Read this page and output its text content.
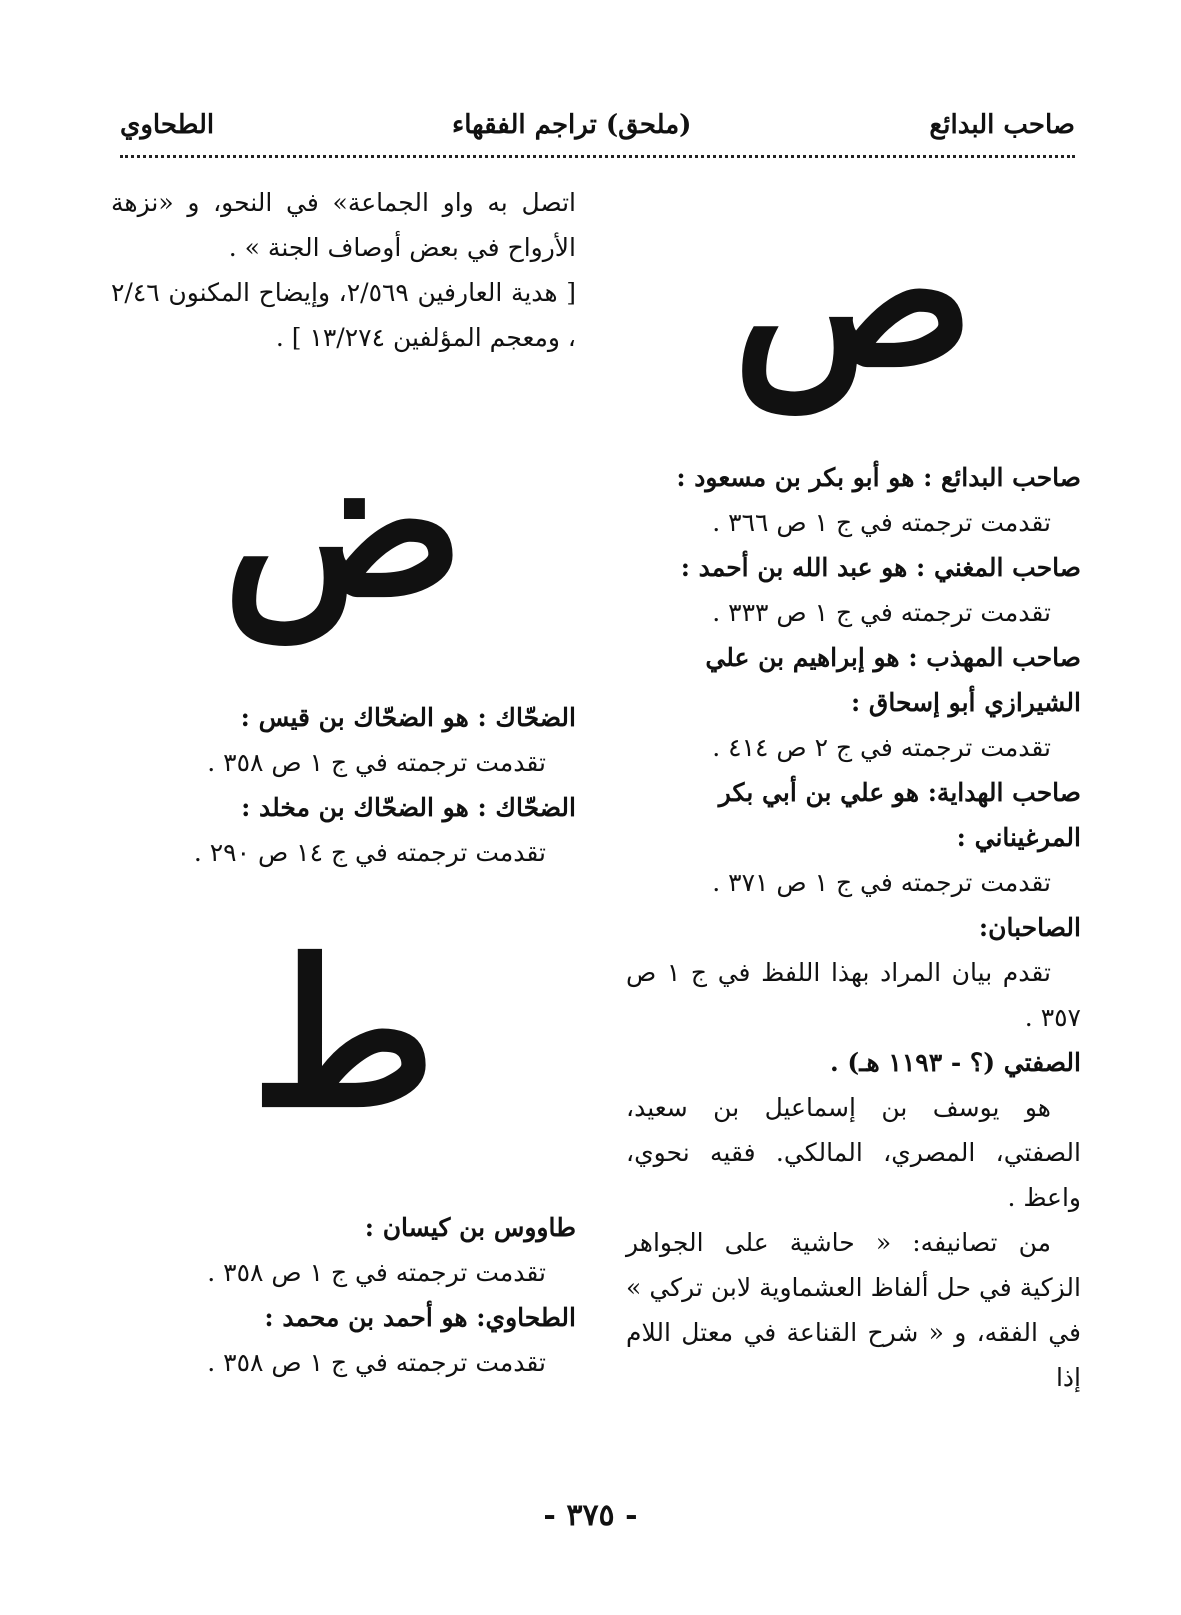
صاحب البدائع
(ملحق) تراجم الفقهاء
الطحاوي
ص
صاحب البدائع : هو أبو بكر بن مسعود :
تقدمت ترجمته في ج ١ ص ٣٦٦ .
صاحب المغني : هو عبد الله بن أحمد :
تقدمت ترجمته في ج ١ ص ٣٣٣ .
صاحب المهذب : هو إبراهيم بن علي الشيرازي أبو إسحاق :
تقدمت ترجمته في ج ٢ ص ٤١٤ .
صاحب الهداية: هو علي بن أبي بكر المرغيناني :
تقدمت ترجمته في ج ١ ص ٣٧١ .
الصاحبان:
تقدم بيان المراد بهذا اللفظ في ج ١ ص ٣٥٧ .
الصفتي (؟ - ١١٩٣ هـ) .
هو يوسف بن إسماعيل بن سعيد، الصفتي، المصري، المالكي. فقيه نحوي، واعظ .
من تصانيفه: « حاشية على الجواهر الزكية في حل ألفاظ العشماوية لابن تركي » في الفقه، و « شرح القناعة في معتل اللام إذا
اتصل به واو الجماعة» في النحو، و «نزهة الأرواح في بعض أوصاف الجنة » .
[ هدية العارفين ٢/٥٦٩، وإيضاح المكنون ٢/٤٦ ، ومعجم المؤلفين ١٣/٢٧٤ ] .
ض
الضحّاك : هو الضحّاك بن قيس :
تقدمت ترجمته في ج ١ ص ٣٥٨ .
الضحّاك : هو الضحّاك بن مخلد :
تقدمت ترجمته في ج ١٤ ص ٢٩٠ .
ط
طاووس بن كيسان :
تقدمت ترجمته في ج ١ ص ٣٥٨ .
الطحاوي: هو أحمد بن محمد :
تقدمت ترجمته في ج ١ ص ٣٥٨ .
- ٣٧٥ -
